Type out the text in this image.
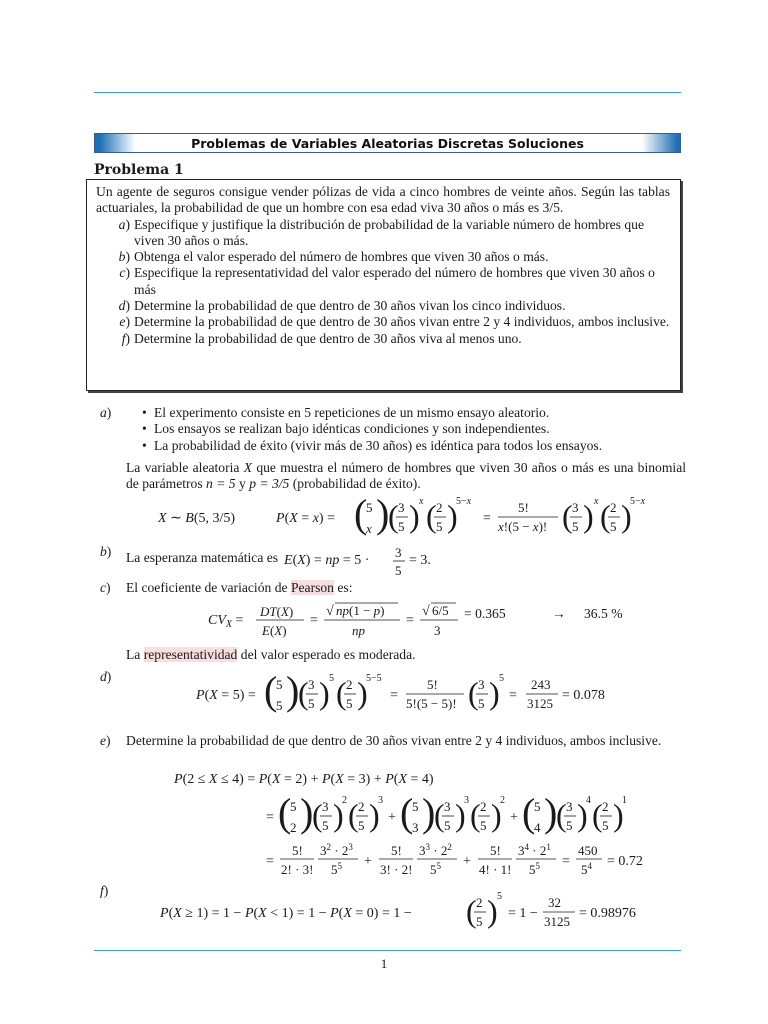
Problemas de Variables Aleatorias Discretas Soluciones
Problema 1

Un agente de seguros consigue vender pólizas de vida a cinco hombres de veinte años. Según las tablas actuariales, la probabilidad de que un hombre con esa edad viva 30 años o más es 3/5.

a) Especifique y justifique la distribución de probabilidad de la variable número de hombres que viven 30 años o más.
b) Obtenga el valor esperado del número de hombres que viven 30 años o más.
c) Especifique la representatividad del valor esperado del número de hombres que viven 30 años o más
d) Determine la probabilidad de que dentro de 30 años vivan los cinco individuos.
e) Determine la probabilidad de que dentro de 30 años vivan entre 2 y 4 individuos, ambos inclusive.
f) Determine la probabilidad de que dentro de 30 años viva al menos uno.
a)
•	El experimento consiste en 5 repeticiones de un mismo ensayo aleatorio.
• Los ensayos se realizan bajo idénticas condiciones y son independientes.
• La probabilidad de éxito (vivir más de 30 años) es idéntica para todos los ensayos.

La variable aleatoria X que muestra el número de hombres que viven 30 años o más es una binomial de parámetros n = 5 y p = 3/5 (probabilidad de éxito).

X ∼ B(5, 3/5)	P(X = x) = (
5
x )
( 3
5 ) x ( 2
5 )
5−x
=
5!
x!(5 − x)! ( 3
5 ) x ( 2
5 )
5−x
b)	La esperanza matemática es E(X) = np = 5 ·
3
5
= 3.
c)	El coeficiente de variación de Pearson es:
$CV_X$ =
DT(X)
E(X)
=
√ np(1 − p)
np
=
√ 6/5
3
= 0.365	→ 36.5 %

La representatividad del valor esperado es moderada.

d)
P(X = 5) = (
5
5 )
( 3
5 ) 5 ( 2
5 )
5−5
=
5!
5!(5 − 5)! ( 3
5 ) 5
=
243
3125
= 0.078
e)	Determine la probabilidad de que dentro de 30 años vivan entre 2 y 4 individuos, ambos inclusive.

P(2 ≤ X ≤ 4) = P(X = 2) + P(X = 3) + P(X = 4)
= (
5
2 )
( 3
5 )
2 ( 2
5 )
3
+ (
5
3 )
( 3
5 )
3 ( 2
5 )
2
+ (
5
4 )
( 3
5 )
4 ( 2
5 )
1
=
5!
2! · 3!
$3^2 \cdot 2^3$
$5^5$ +
5!
3! · 2!
$3^3 \cdot 2^2$
$5^5$ +
5!
4! · 1!
$3^4 \cdot 2^1$
$5^5$ =
450
$5^4 = 0.72$
f)
P(X ≥ 1) = 1 − P(X < 1) = 1 − P(X = 0) = 1 − ( 2
5 ) 5
= 1 −
32
3125
= 0.98976
1
